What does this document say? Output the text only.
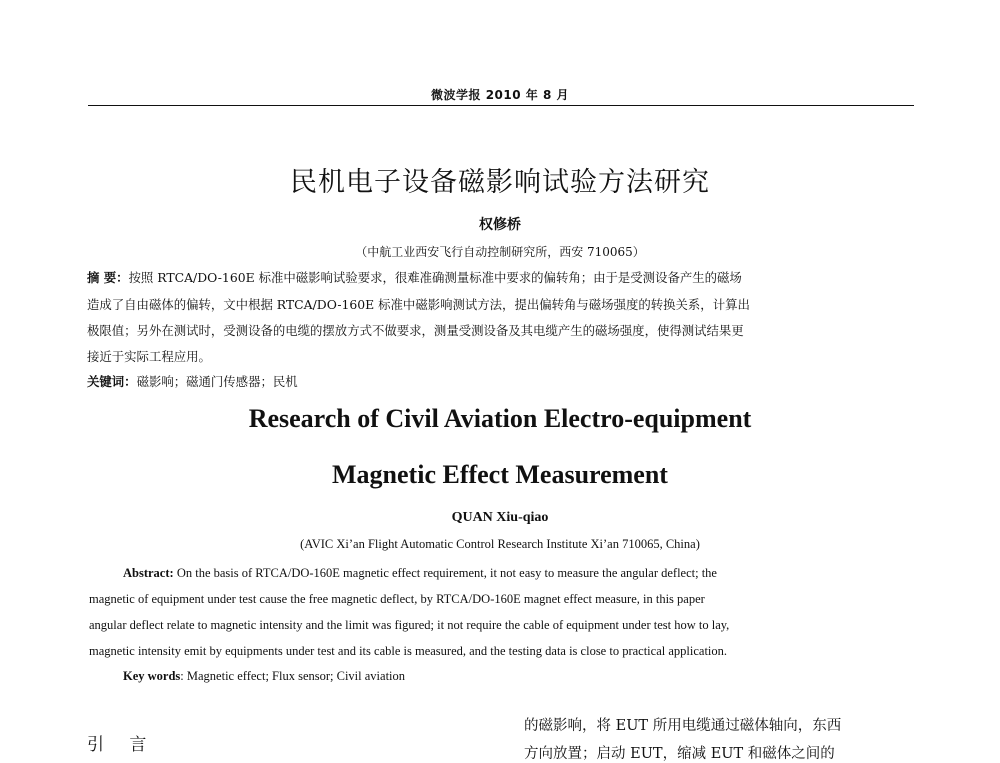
微波学报 2010 年 8 月
民机电子设备磁影响试验方法研究
权修桥
（中航工业西安飞行自动控制研究所，西安 710065）
摘 要：按照 RTCA/DO-160E 标准中磁影响试验要求，很难准确测量标准中要求的偏转角；由于是受测设备产生的磁场
造成了自由磁体的偏转，文中根据 RTCA/DO-160E 标准中磁影响测试方法，提出偏转角与磁场强度的转换关系，计算出
极限值；另外在测试时，受测设备的电缆的摆放方式不做要求，测量受测设备及其电缆产生的磁场强度，使得测试结果更
接近于实际工程应用。
关键词：磁影响；磁通门传感器；民机
Research of Civil Aviation Electro-equipment
Magnetic Effect Measurement
QUAN Xiu-qiao
(AVIC Xi’an Flight Automatic Control Research Institute Xi’an 710065, China)
Abstract: On the basis of RTCA/DO-160E magnetic effect requirement, it not easy to measure the angular deflect; the
magnetic of equipment under test cause the free magnetic deflect, by RTCA/DO-160E magnet effect measure, in this paper
angular deflect relate to magnetic intensity and the limit was figured; it not require the cable of equipment under test how to lay,
magnetic intensity emit by equipments under test and its cable is measured, and the testing data is close to practical application.
Key words: Magnetic effect; Flux sensor; Civil aviation
引 言
的磁影响，将 EUT 所用电缆通过磁体轴向，东西
方向放置；启动 EUT，缩减 EUT 和磁体之间的
